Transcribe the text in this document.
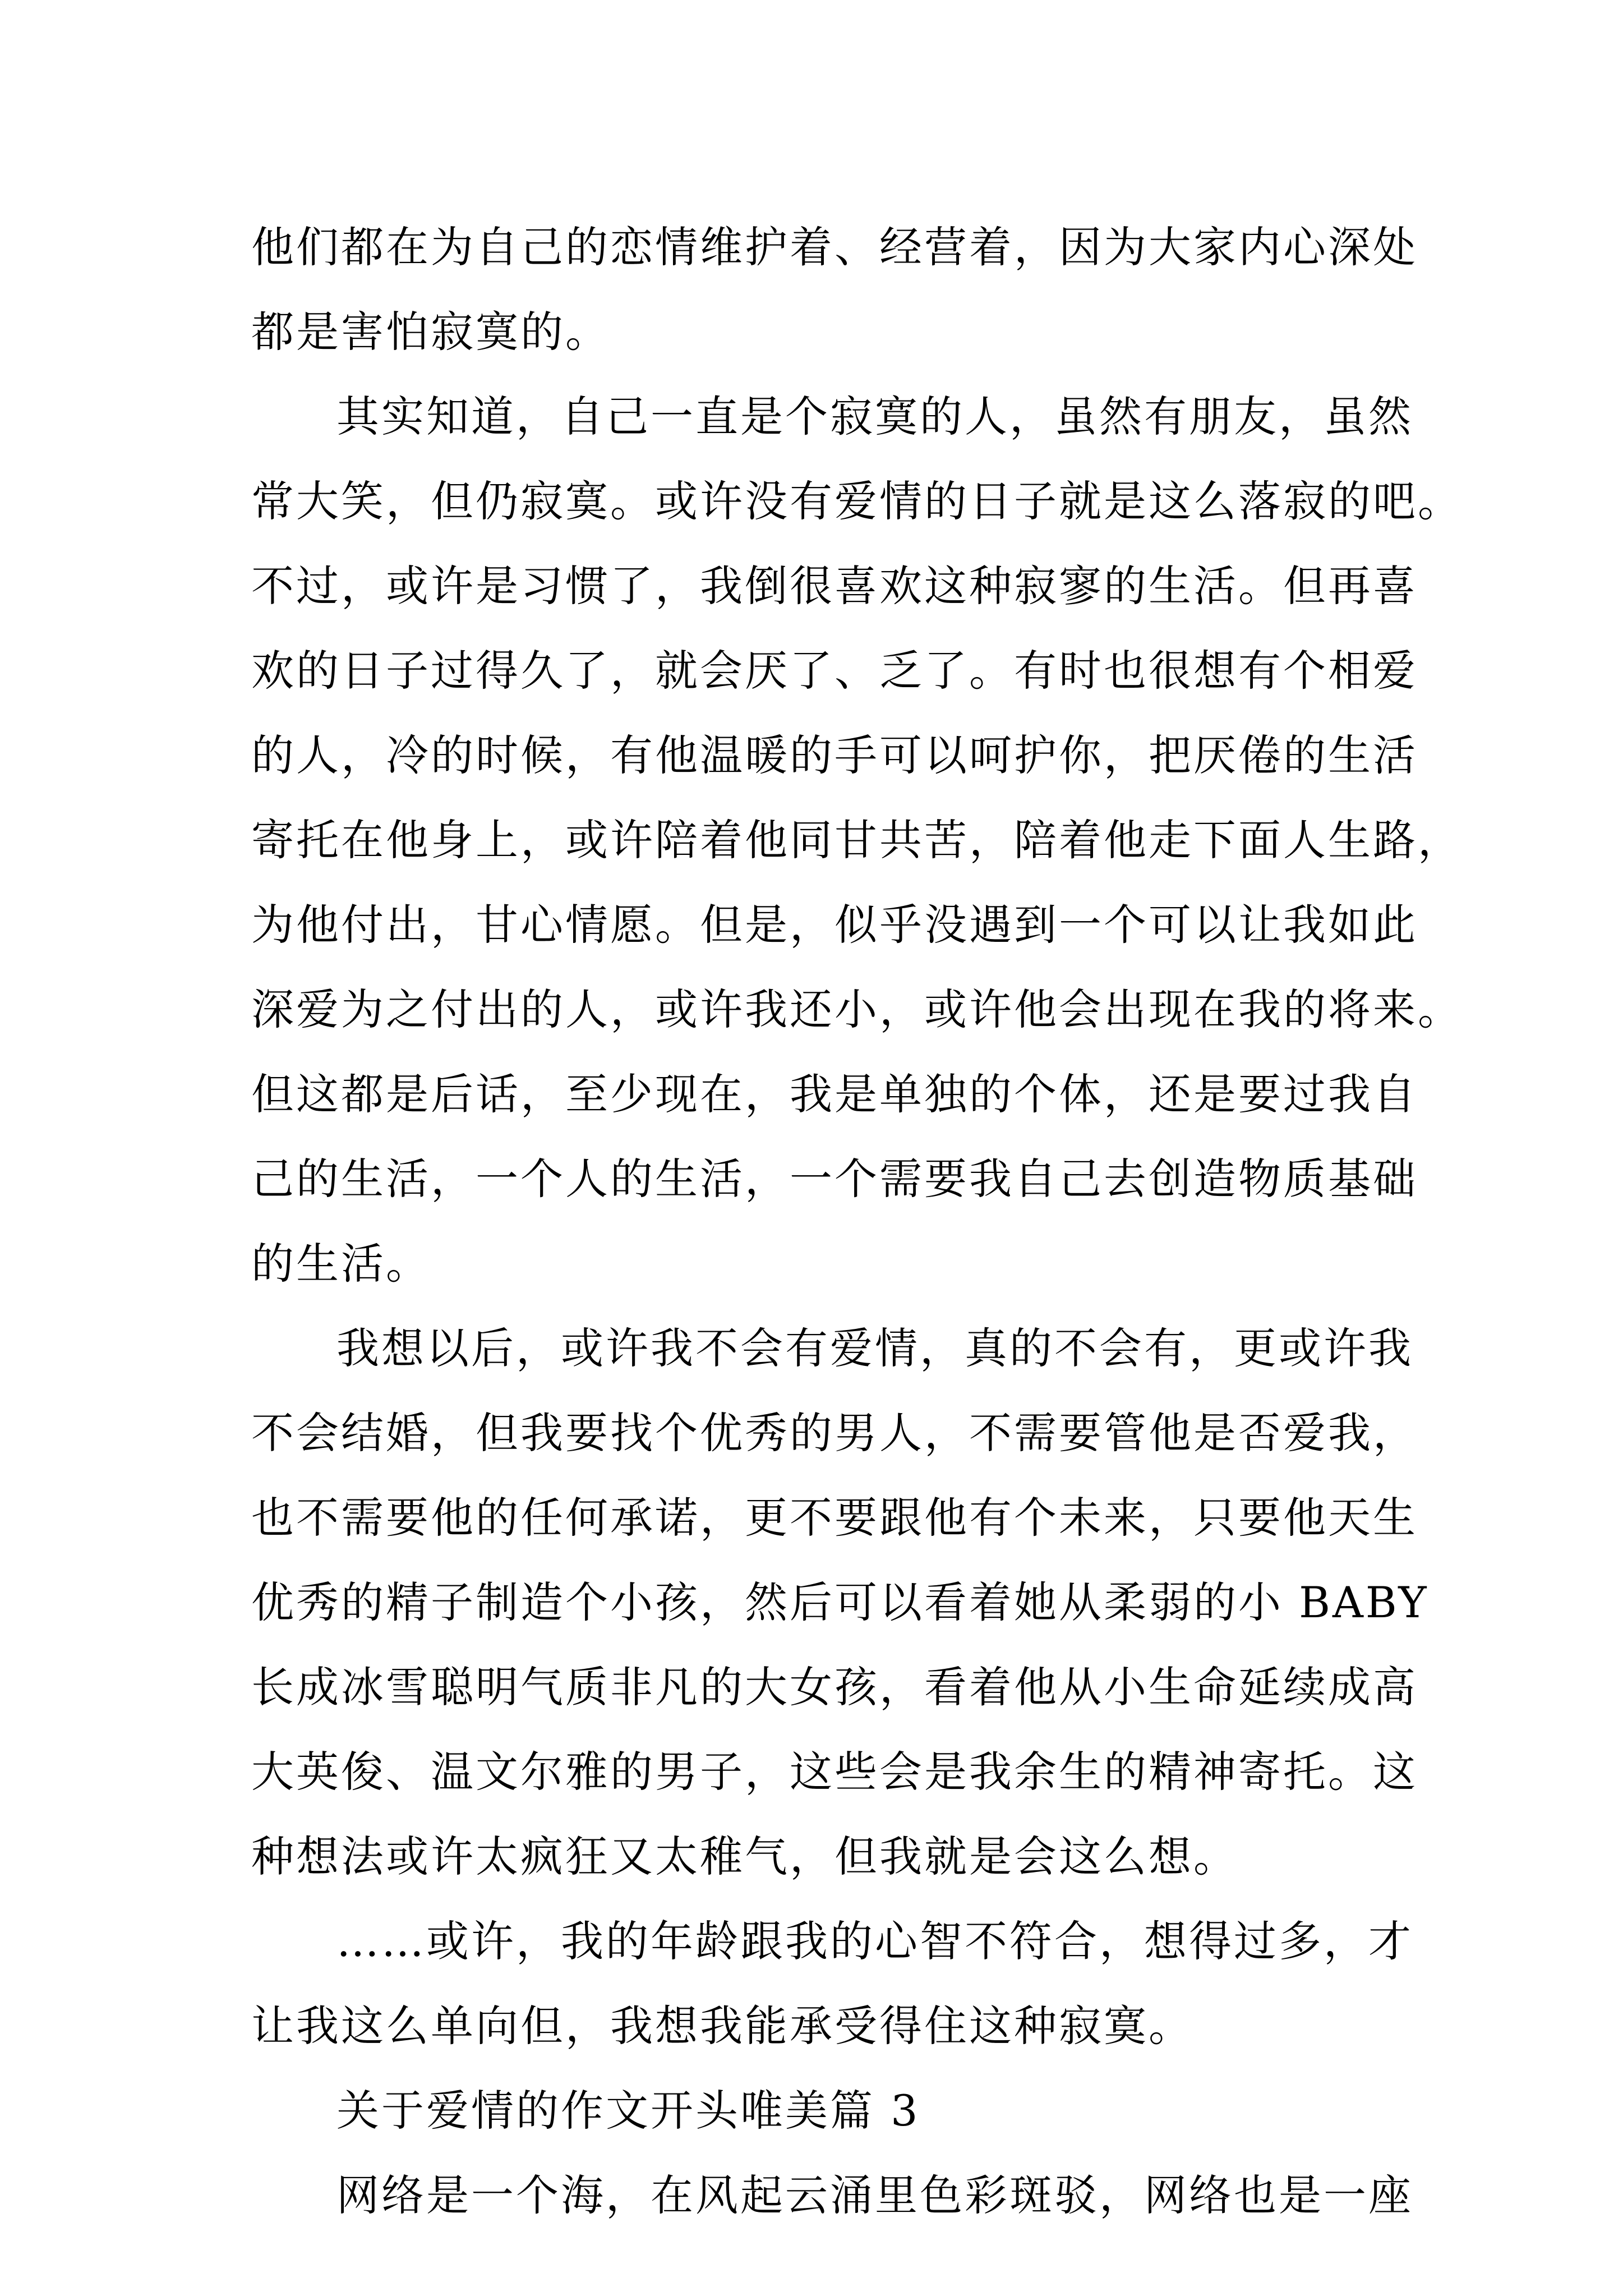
他们都在为自己的恋情维护着、经营着，因为大家内心深处
都是害怕寂寞的。
其实知道，自己一直是个寂寞的人，虽然有朋友，虽然
常大笑，但仍寂寞。或许没有爱情的日子就是这么落寂的吧。
不过，或许是习惯了，我倒很喜欢这种寂寥的生活。但再喜
欢的日子过得久了，就会厌了、乏了。有时也很想有个相爱
的人，冷的时候，有他温暖的手可以呵护你，把厌倦的生活
寄托在他身上，或许陪着他同甘共苦，陪着他走下面人生路，
为他付出，甘心情愿。但是，似乎没遇到一个可以让我如此
深爱为之付出的人，或许我还小，或许他会出现在我的将来。
但这都是后话，至少现在，我是单独的个体，还是要过我自
己的生活，一个人的生活，一个需要我自己去创造物质基础
的生活。
我想以后，或许我不会有爱情，真的不会有，更或许我
不会结婚，但我要找个优秀的男人，不需要管他是否爱我，
也不需要他的任何承诺，更不要跟他有个未来，只要他天生
优秀的精子制造个小孩，然后可以看着她从柔弱的小 BABY
长成冰雪聪明气质非凡的大女孩，看着他从小生命延续成高
大英俊、温文尔雅的男子，这些会是我余生的精神寄托。这
种想法或许太疯狂又太稚气，但我就是会这么想。
……或许，我的年龄跟我的心智不符合，想得过多，才
让我这么单向但，我想我能承受得住这种寂寞。
关于爱情的作文开头唯美篇 3
网络是一个海，在风起云涌里色彩斑驳，网络也是一座
